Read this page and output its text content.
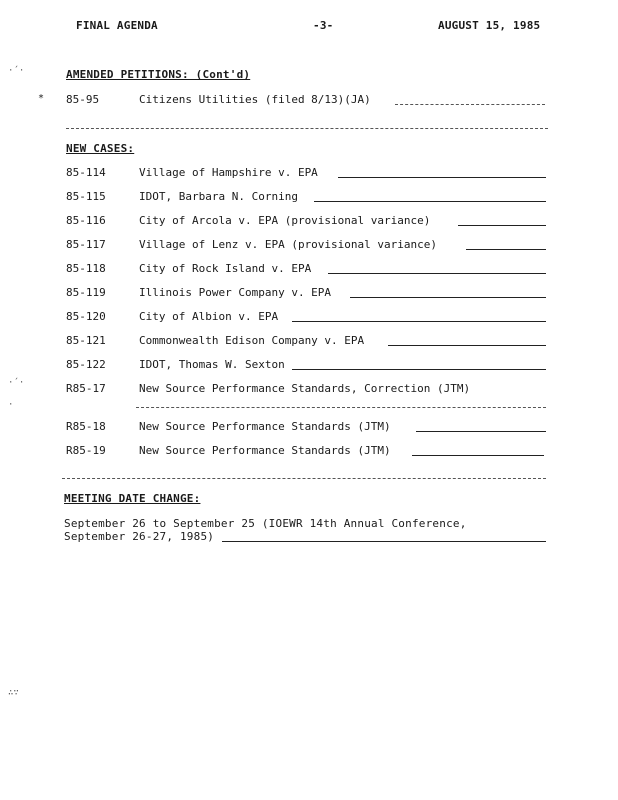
FINAL AGENDA	-3-	AUGUST 15, 1985
·´·
·´·
·
∴∵
AMENDED PETITIONS: (Cont'd)
* 85-95	Citizens Utilities (filed 8/13)(JA)
NEW CASES:
85-114	Village of Hampshire v. EPA
85-115	IDOT, Barbara N. Corning
85-116	City of Arcola v. EPA (provisional variance)
85-117	Village of Lenz v. EPA (provisional variance)
85-118	City of Rock Island v. EPA
85-119	Illinois Power Company v. EPA
85-120	City of Albion v. EPA
85-121	Commonwealth Edison Company v. EPA
85-122	IDOT, Thomas W. Sexton
R85-17	New Source Performance Standards, Correction (JTM)
R85-18	New Source Performance Standards (JTM)
R85-19	New Source Performance Standards (JTM)
MEETING DATE CHANGE:
September 26 to September 25 (IOEWR 14th Annual Conference,
September 26-27, 1985)
